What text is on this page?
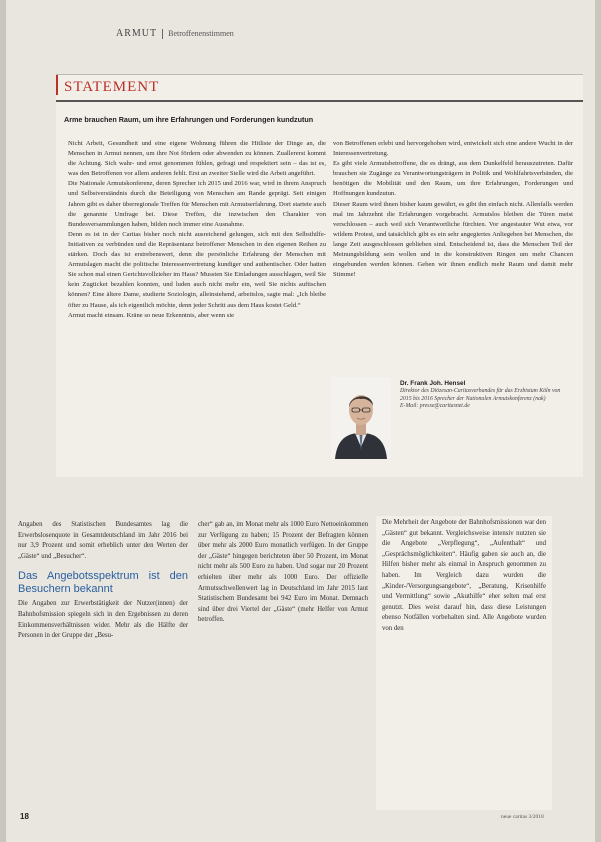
ARMUT Betroffenenstimmen
STATEMENT
Arme brauchen Raum, um ihre Erfahrungen und Forderungen kundzutun

Nicht Arbeit, Gesundheit und eine eigene Wohnung führen die Hitliste der Dinge an, die Menschen in Armut nennen, um ihre Not fördern oder abwenden zu können. Zuallererst kommt die Achtung. Sich wahr- und ernst genommen fühlen, gefragt und respektiert sein – das ist es, was den Betroffenen vor allem anderen fehlt. Erst an zweiter Stelle wird die Arbeit angeführt.

Die Nationale Armutskonferenz, deren Sprecher ich 2015 und 2016 war, wird in ihrem Anspruch und Selbstverständnis durch die Beteiligung von Menschen am Rande geprägt. Seit einigen Jahren gibt es daher überregionale Treffen für Menschen mit Armutserfahrung. Dort startete auch die genannte Umfrage bei. Diese Treffen, die inzwischen den Charakter von Bundesversammlungen haben, bilden noch immer eine Ausnahme.

Denn es ist in der Caritas bisher noch nicht ausreichend gelungen, sich mit den Selbsthilfe-Initiativen zu verbünden und die Repräsentanz betroffener Menschen in den eigenen Reihen zu stärken. Doch das ist erstrebenswert, denn die persönliche Erfahrung der Menschen mit Armutslagen macht die politische Interessenvertretung kundiger und authentischer. Oder hatten Sie schon mal einen Gerichtsvollzieher im Haus? Mussten Sie Einladungen ausschlagen, weil Sie kein Zugticket bezahlen konnten, und luden auch nicht mehr ein, weil Sie nichts auftischen können? Eine ältere Dame, studierte Soziologin, alleinstehend, arbeitslos, sagte mal: „Ich bleibe öfter zu Hause, als ich eigentlich möchte, denn jeder Schritt aus dem Haus kostet Geld.“

Armut macht einsam. Kräne so neue Erkenntnis, aber wenn sie

von Betroffenen erlebt und hervorgehoben wird, entwickelt sich eine andere Wucht in der Interessenvertretung.

Es gibt viele Armutsbetroffene, die es drängt, aus dem Dunkelfeld herauszutreten. Dafür brauchen sie Zugänge zu Verantwortungsträgern in Politik und Wohlfahrtsverbänden, die benötigen die Mobilität und den Raum, um ihre Erfahrungen, Forderungen und Hoffnungen kundzutun.

Dieser Raum wird ihnen bisher kaum gewährt, es gibt ihn einfach nicht. Allenfalls werden mal im Jahrzehnt die Erfahrungen vorgebracht. Armutslos bleiben die Türen meist verschlossen – auch weil sich Verantwortliche fürchten. Vor angestauter Wut etwa, vor wildem Protest, und tatsächlich gibt es ein sehr angegiertes Anliegeben bei Menschen, die lange Zeit ausgeschlossen geblieben sind. Entscheidend ist, dass die Menschen Teil der Meinungsbildung sein wollen und in die konstruktiven Ringen um mehr Chancen eingebunden werden können. Geben wir ihnen endlich mehr Raum und damit mehr Stimme!

Dr. Frank Joh. Hensel
Direktor des Diözesan-Caritasverbandes für das Erzbistum Köln von 2015 bis 2016 Sprecher der Nationalen Armutskonferenz (nak)
E-Mail: presse@caritasnet.de

Angaben des Statistischen Bundesamtes lag die Erwerbslosenquote in Gesamtdeutschland im Jahr 2016 bei nur 3,9 Prozent und somit erheblich unter den Werten der „Gäste“ und „Besucher“.

Das Angebotsspektrum ist den Besuchern bekannt

Die Angaben zur Erwerbstätigkeit der Nutzer(innen) der Bahnhofsmission spiegeln sich in den Ergebnissen zu deren Einkommensverhältnissen wider. Mehr als die Hälfte der Personen in der Gruppe der „Besu-

cher“ gab an, im Monat mehr als 1000 Euro Nettoeinkommen zur Verfügung zu haben; 15 Prozent der Befragten können über mehr als 2000 Euro monatlich verfügen. In der Gruppe der „Gäste“ hingegen berichteten über 50 Prozent, im Monat nicht mehr als 500 Euro zu haben. Und sogar nur 20 Prozent erhielten über mehr als 1000 Euro. Der offizielle Armutsschwellenwert lag in Deutschland im Jahr 2015 laut Statistischem Bundesamt bei 942 Euro im Monat. Demnach sind über drei Viertel der „Gäste“ (mehr Helfer von Armut betroffen.

Die Mehrheit der Angebote der Bahnhofsmissionen war den „Gästen“ gut bekannt. Vergleichsweise intensiv nutzten sie die Angebote „Verpflegung“, „Aufenthalt“ und „Gesprächsmöglichkeiten“. Häufig gaben sie auch an, die Hilfen bisher mehr als einmal in Anspruch genommen zu haben. Im Vergleich dazu wurden die „Kinder-/Versorgungsangebote“, „Beratung, Krisenhilfe und Vermittlung“ sowie „Akuthilfe“ eher selten mal erst genutzt. Dies weist darauf hin, dass diese Leistungen ebenso Notfällen vorbehalten sind. Alle Angebote wurden von den

18	neue caritas 3/2018
